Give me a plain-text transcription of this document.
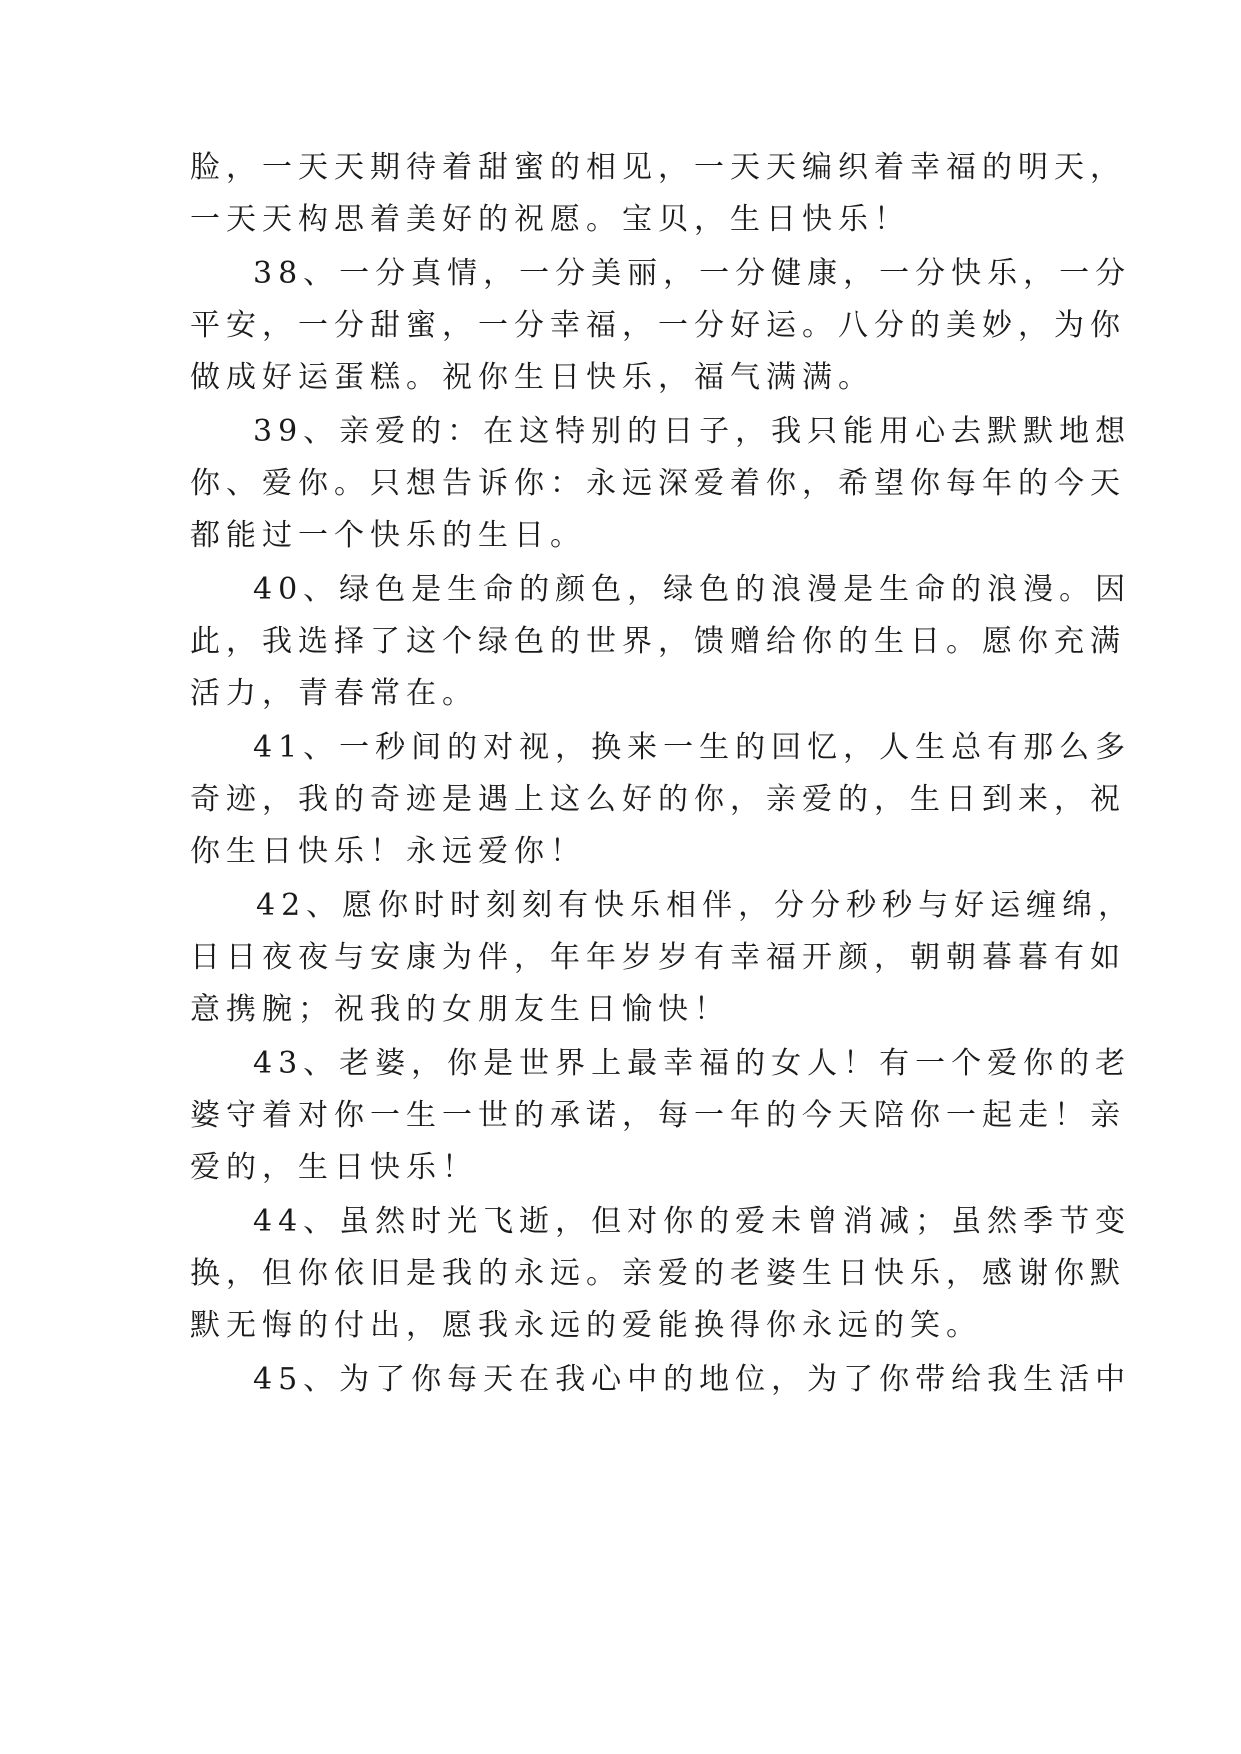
脸，一天天期待着甜蜜的相见，一天天编织着幸福的明天，
一天天构思着美好的祝愿。宝贝，生日快乐！
38、一分真情，一分美丽，一分健康，一分快乐，一分
平安，一分甜蜜，一分幸福，一分好运。八分的美妙，为你
做成好运蛋糕。祝你生日快乐，福气满满。
39、亲爱的：在这特别的日子，我只能用心去默默地想
你、爱你。只想告诉你：永远深爱着你，希望你每年的今天
都能过一个快乐的生日。
40、绿色是生命的颜色，绿色的浪漫是生命的浪漫。因
此，我选择了这个绿色的世界，馈赠给你的生日。愿你充满
活力，青春常在。
41、一秒间的对视，换来一生的回忆，人生总有那么多
奇迹，我的奇迹是遇上这么好的你，亲爱的，生日到来，祝
你生日快乐！永远爱你！
42、愿你时时刻刻有快乐相伴，分分秒秒与好运缠绵，
日日夜夜与安康为伴，年年岁岁有幸福开颜，朝朝暮暮有如
意携腕；祝我的女朋友生日愉快！
43、老婆，你是世界上最幸福的女人！有一个爱你的老
婆守着对你一生一世的承诺，每一年的今天陪你一起走！亲
爱的，生日快乐！
44、虽然时光飞逝，但对你的爱未曾消减；虽然季节变
换，但你依旧是我的永远。亲爱的老婆生日快乐，感谢你默
默无悔的付出，愿我永远的爱能换得你永远的笑。
45、为了你每天在我心中的地位，为了你带给我生活中
